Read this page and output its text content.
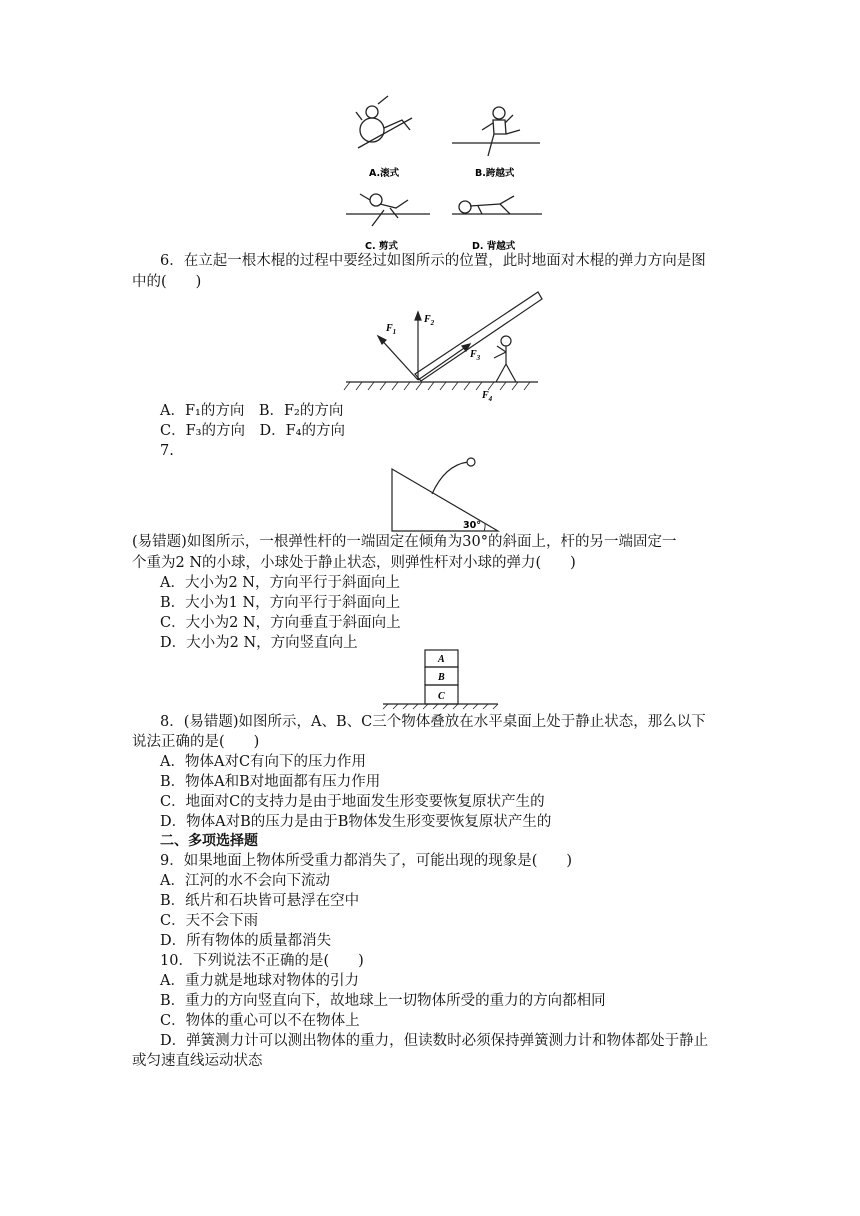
A.滚式	B.跨越式
C. 剪式	D. 背越式
6．在立起一根木棍的过程中要经过如图所示的位置，此时地面对木棍的弹力方向是图
中的(　　)
$F_1$
$F_2$
$F_3$
$F_4$
A．F₁的方向　B．F₂的方向
C．F₃的方向　D．F₄的方向
7.
30°
(易错题)如图所示，一根弹性杆的一端固定在倾角为30°的斜面上，杆的另一端固定一
个重为2 N的小球，小球处于静止状态，则弹性杆对小球的弹力(　　)
A．大小为2 N，方向平行于斜面向上
B．大小为1 N，方向平行于斜面向上
C．大小为2 N，方向垂直于斜面向上
D．大小为2 N，方向竖直向上
A
B
C
8．(易错题)如图所示，A、B、C三个物体叠放在水平桌面上处于静止状态，那么以下
说法正确的是(　　)
A．物体A对C有向下的压力作用
B．物体A和B对地面都有压力作用
C．地面对C的支持力是由于地面发生形变要恢复原状产生的
D．物体A对B的压力是由于B物体发生形变要恢复原状产生的
二、多项选择题
9．如果地面上物体所受重力都消失了，可能出现的现象是(　　)
A．江河的水不会向下流动
B．纸片和石块皆可悬浮在空中
C．天不会下雨
D．所有物体的质量都消失
10．下列说法不正确的是(　　)
A．重力就是地球对物体的引力
B．重力的方向竖直向下，故地球上一切物体所受的重力的方向都相同
C．物体的重心可以不在物体上
D．弹簧测力计可以测出物体的重力，但读数时必须保持弹簧测力计和物体都处于静止
或匀速直线运动状态
